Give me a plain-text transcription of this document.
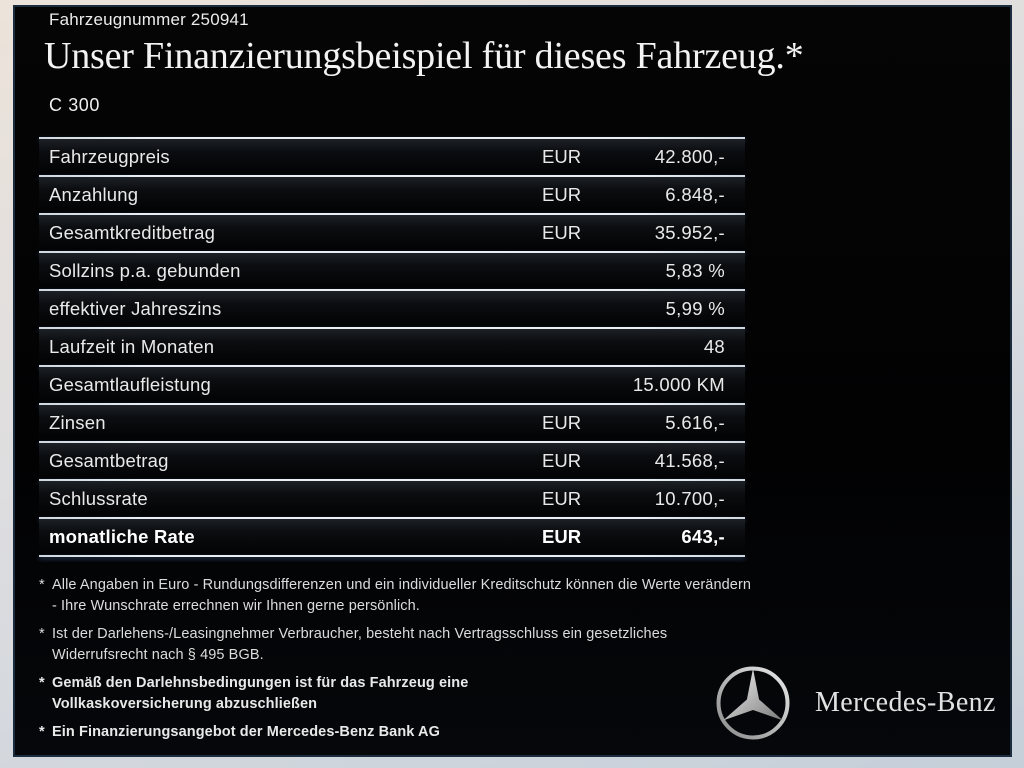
Fahrzeugnummer 250941
Unser Finanzierungsbeispiel für dieses Fahrzeug.*
C 300
Fahrzeugpreis	EUR	42.800,-
Anzahlung	EUR	6.848,-
Gesamtkreditbetrag	EUR	35.952,-
Sollzins p.a. gebunden	5,83 %
effektiver Jahreszins	5,99 %
Laufzeit in Monaten	48
Gesamtlaufleistung	15.000 KM
Zinsen	EUR	5.616,-
Gesamtbetrag	EUR	41.568,-
Schlussrate	EUR	10.700,-
monatliche Rate	EUR	643,-
* Alle Angaben in Euro - Rundungsdifferenzen und ein individueller Kreditschutz können die Werte verändern - Ihre Wunschrate errechnen wir Ihnen gerne persönlich.
* Ist der Darlehens-/Leasingnehmer Verbraucher, besteht nach Vertragsschluss ein gesetzliches Widerrufsrecht nach § 495 BGB.
* Gemäß den Darlehnsbedingungen ist für das Fahrzeug eine Vollkaskoversicherung abzuschließen
* Ein Finanzierungsangebot der Mercedes-Benz Bank AG
Mercedes-Benz
